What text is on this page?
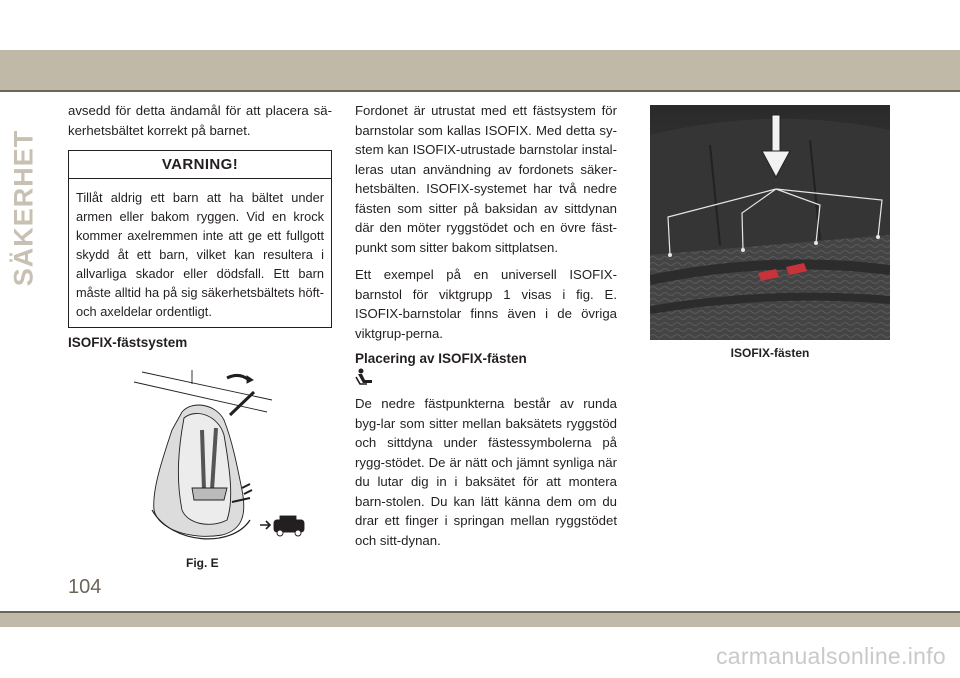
SÄKERHET

avsedd för detta ändamål för att placera sä-kerhetsbältet korrekt på barnet.

VARNING!
Tillåt aldrig ett barn att ha bältet under armen eller bakom ryggen. Vid en krock kommer axelremmen inte att ge ett fullgott skydd åt ett barn, vilket kan resultera i allvarliga skador eller dödsfall. Ett barn måste alltid ha på sig säkerhetsbältets höft- och axeldelar ordentligt.
ISOFIX-fästsystem
Fig. E

Fordonet är utrustat med ett fästsystem för barnstolar som kallas ISOFIX. Med detta sy-stem kan ISOFIX-utrustade barnstolar instal-leras utan användning av fordonets säker-hetsbälten. ISOFIX-systemet har två nedre fästen som sitter på baksidan av sittdynan där den möter ryggstödet och en övre fäst-punkt som sitter bakom sittplatsen.

Ett exempel på en universell ISOFIX-barnstol för viktgrupp 1 visas i fig. E. ISOFIX-barnstolar finns även i de övriga viktgrup-perna.

Placering av ISOFIX-fästen

De nedre fästpunkterna består av runda byg-lar som sitter mellan baksätets ryggstöd och sittdyna under fästessymbolerna på rygg-stödet. De är nätt och jämnt synliga när du lutar dig in i baksätet för att montera barn-stolen. Du kan lätt känna dem om du drar ett finger i springan mellan ryggstödet och sitt-dynan.

ISOFIX-fästen
104
carmanualsonline.info
